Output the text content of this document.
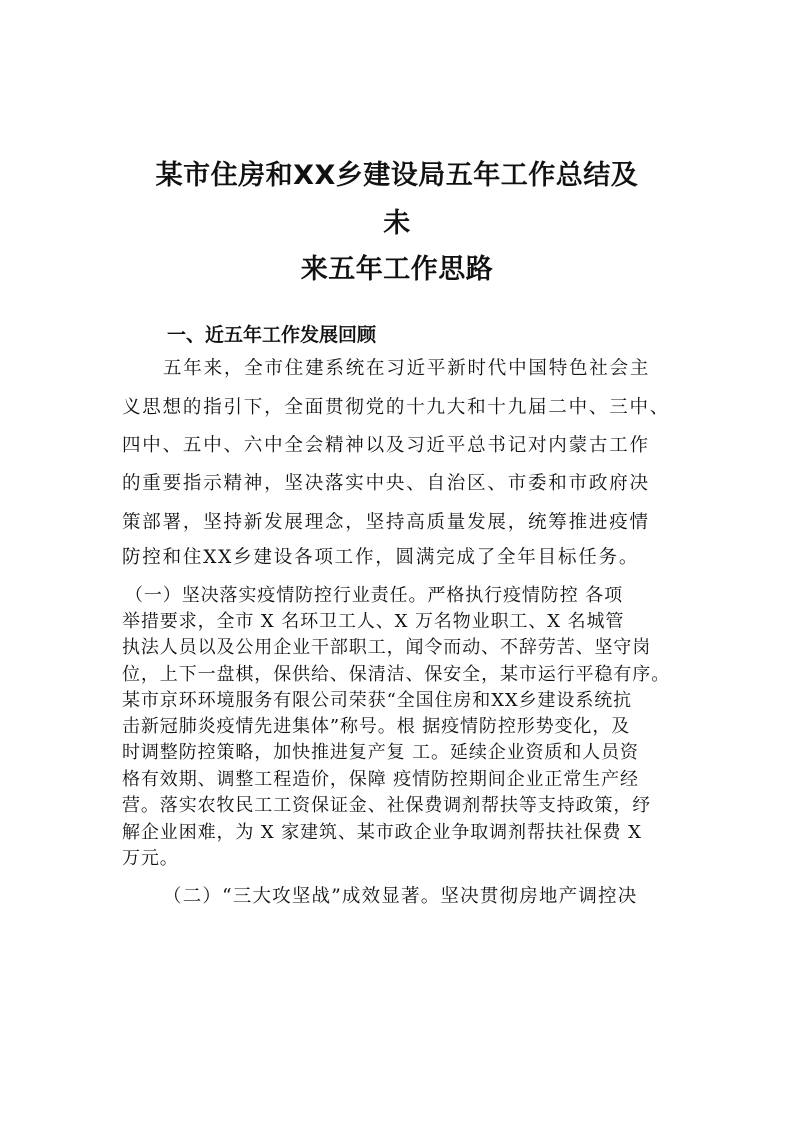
某市住房和XX乡建设局五年工作总结及
未
来五年工作思路
一、近五年工作发展回顾
五年来，全市住建系统在习近平新时代中国特色社会主
义思想的指引下，全面贯彻党的十九大和十九届二中、三中、
四中、五中、六中全会精神以及习近平总书记对内蒙古工作
的重要指示精神，坚决落实中央、自治区、市委和市政府决
策部署，坚持新发展理念，坚持高质量发展，统筹推进疫情
防控和住XX乡建设各项工作，圆满完成了全年目标任务。
（一）坚决落实疫情防控行业责任。严格执行疫情防控 各项
举措要求，全市 X 名环卫工人、X 万名物业职工、X 名城管
执法人员以及公用企业干部职工，闻令而动、不辞劳苦、坚守岗
位，上下一盘棋，保供给、保清洁、保安全，某市运行平稳有序。
某市京环环境服务有限公司荣获“全国住房和XX乡建设系统抗
击新冠肺炎疫情先进集体”称号。根 据疫情防控形势变化，及
时调整防控策略，加快推进复产复 工。延续企业资质和人员资
格有效期、调整工程造价，保障 疫情防控期间企业正常生产经
营。落实农牧民工工资保证金、社保费调剂帮扶等支持政策，纾
解企业困难，为 X 家建筑、某市政企业争取调剂帮扶社保费 X
万元。
（二）“三大攻坚战”成效显著。坚决贯彻房地产调控决
